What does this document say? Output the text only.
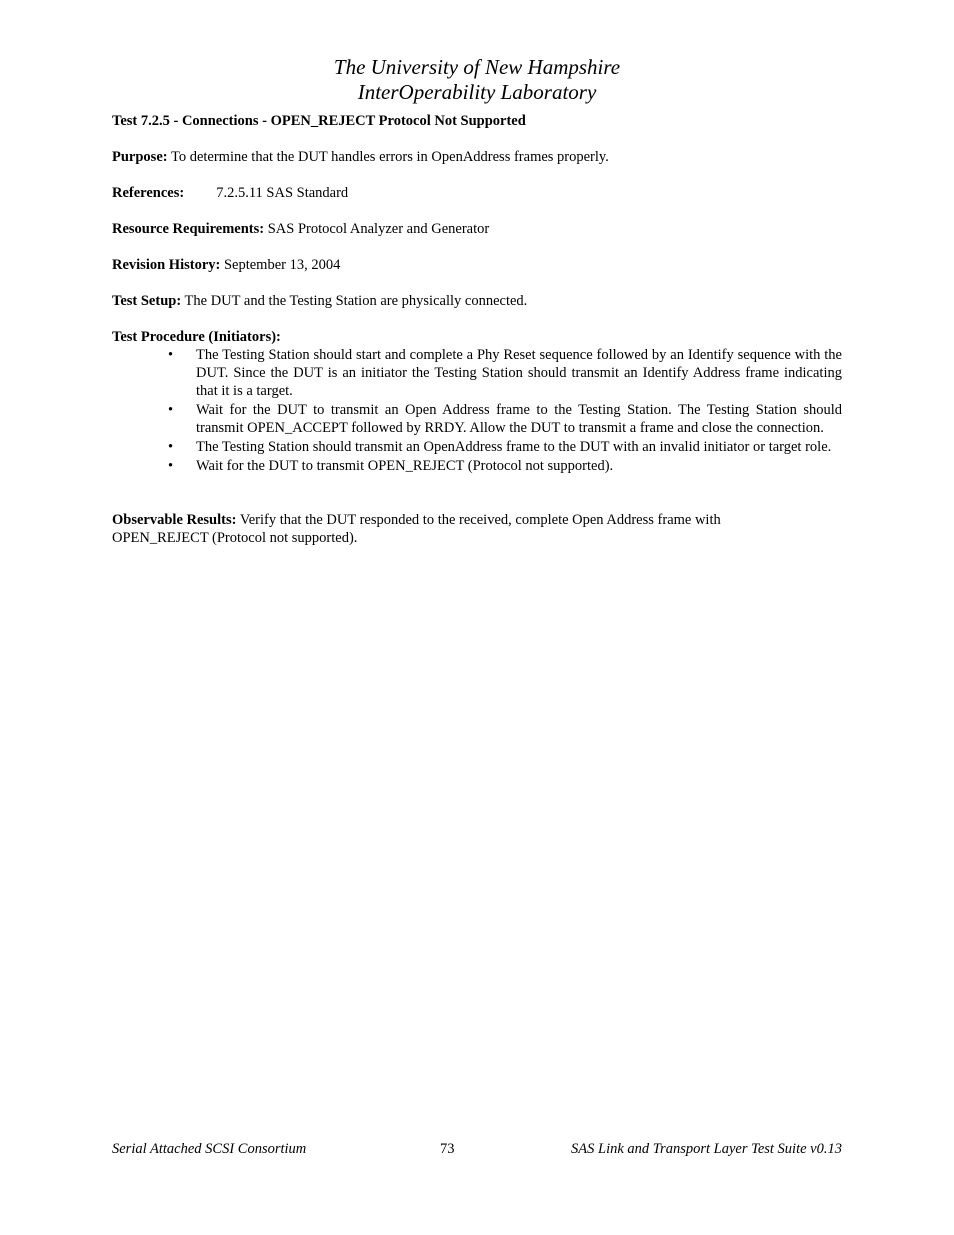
The University of New Hampshire
InterOperability Laboratory
Test 7.2.5 - Connections - OPEN_REJECT Protocol Not Supported
Purpose: To determine that the DUT handles errors in OpenAddress frames properly.
References: 7.2.5.11 SAS Standard
Resource Requirements: SAS Protocol Analyzer and Generator
Revision History: September 13, 2004
Test Setup: The DUT and the Testing Station are physically connected.
Test Procedure (Initiators):
• The Testing Station should start and complete a Phy Reset sequence followed by an Identify sequence with the DUT. Since the DUT is an initiator the Testing Station should transmit an Identify Address frame indicating that it is a target.
• Wait for the DUT to transmit an Open Address frame to the Testing Station. The Testing Station should transmit OPEN_ACCEPT followed by RRDY. Allow the DUT to transmit a frame and close the connection.
• The Testing Station should transmit an OpenAddress frame to the DUT with an invalid initiator or target role.
• Wait for the DUT to transmit OPEN_REJECT (Protocol not supported).
Observable Results: Verify that the DUT responded to the received, complete Open Address frame with OPEN_REJECT (Protocol not supported).
Serial Attached SCSI Consortium	73	SAS Link and Transport Layer Test Suite v0.13
